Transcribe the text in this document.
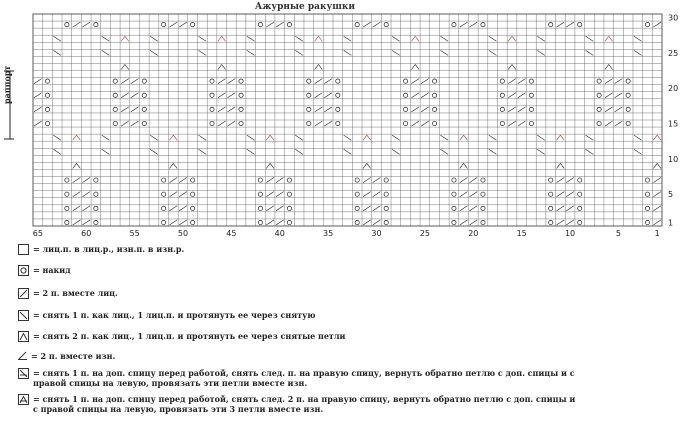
Ажурные ракушки
1
5
10
15
20
25
30
65	60	55	50	45	40	35	30	25	20	15	10	5	1
раппорт
= лиц.п. в лиц.р., изн.п. в изн.р.
= накид
= 2 п. вместе лиц.
= снять 1 п. как лиц., 1 лиц.п. и протянуть ее через снятую
= снять 2 п. как лиц., 1 лиц.п. и протянуть ее через снятые петли
= 2 п. вместе изн.
= снять 1 п. на доп. спицу перед работой, снять след. п. на правую спицу, вернуть обратно петлю с доп. спицы и с правой спицы на левую, провязать эти петли вместе изн.
= снять 1 п. на доп. спицу перед работой, снять след. 2 п. на правую спицу, вернуть обратно петлю с доп. спицы и с правой спицы на левую, провязать эти 3 петли вместе изн.
